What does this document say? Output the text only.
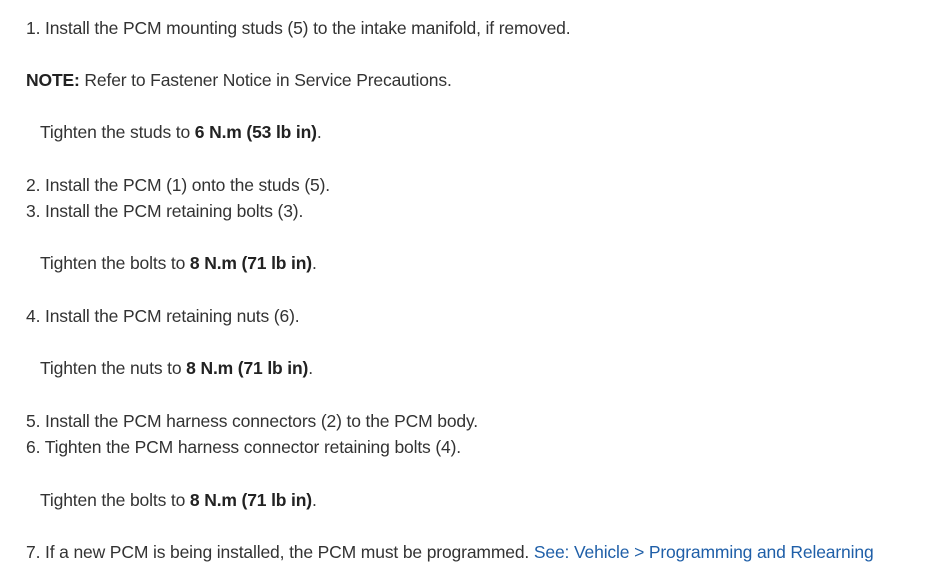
1. Install the PCM mounting studs (5) to the intake manifold, if removed.
NOTE: Refer to Fastener Notice in Service Precautions.
Tighten the studs to 6 N.m (53 lb in).
2. Install the PCM (1) onto the studs (5).
3. Install the PCM retaining bolts (3).
Tighten the bolts to 8 N.m (71 lb in).
4. Install the PCM retaining nuts (6).
Tighten the nuts to 8 N.m (71 lb in).
5. Install the PCM harness connectors (2) to the PCM body.
6. Tighten the PCM harness connector retaining bolts (4).
Tighten the bolts to 8 N.m (71 lb in).
7. If a new PCM is being installed, the PCM must be programmed. See: Vehicle > Programming and Relearning
